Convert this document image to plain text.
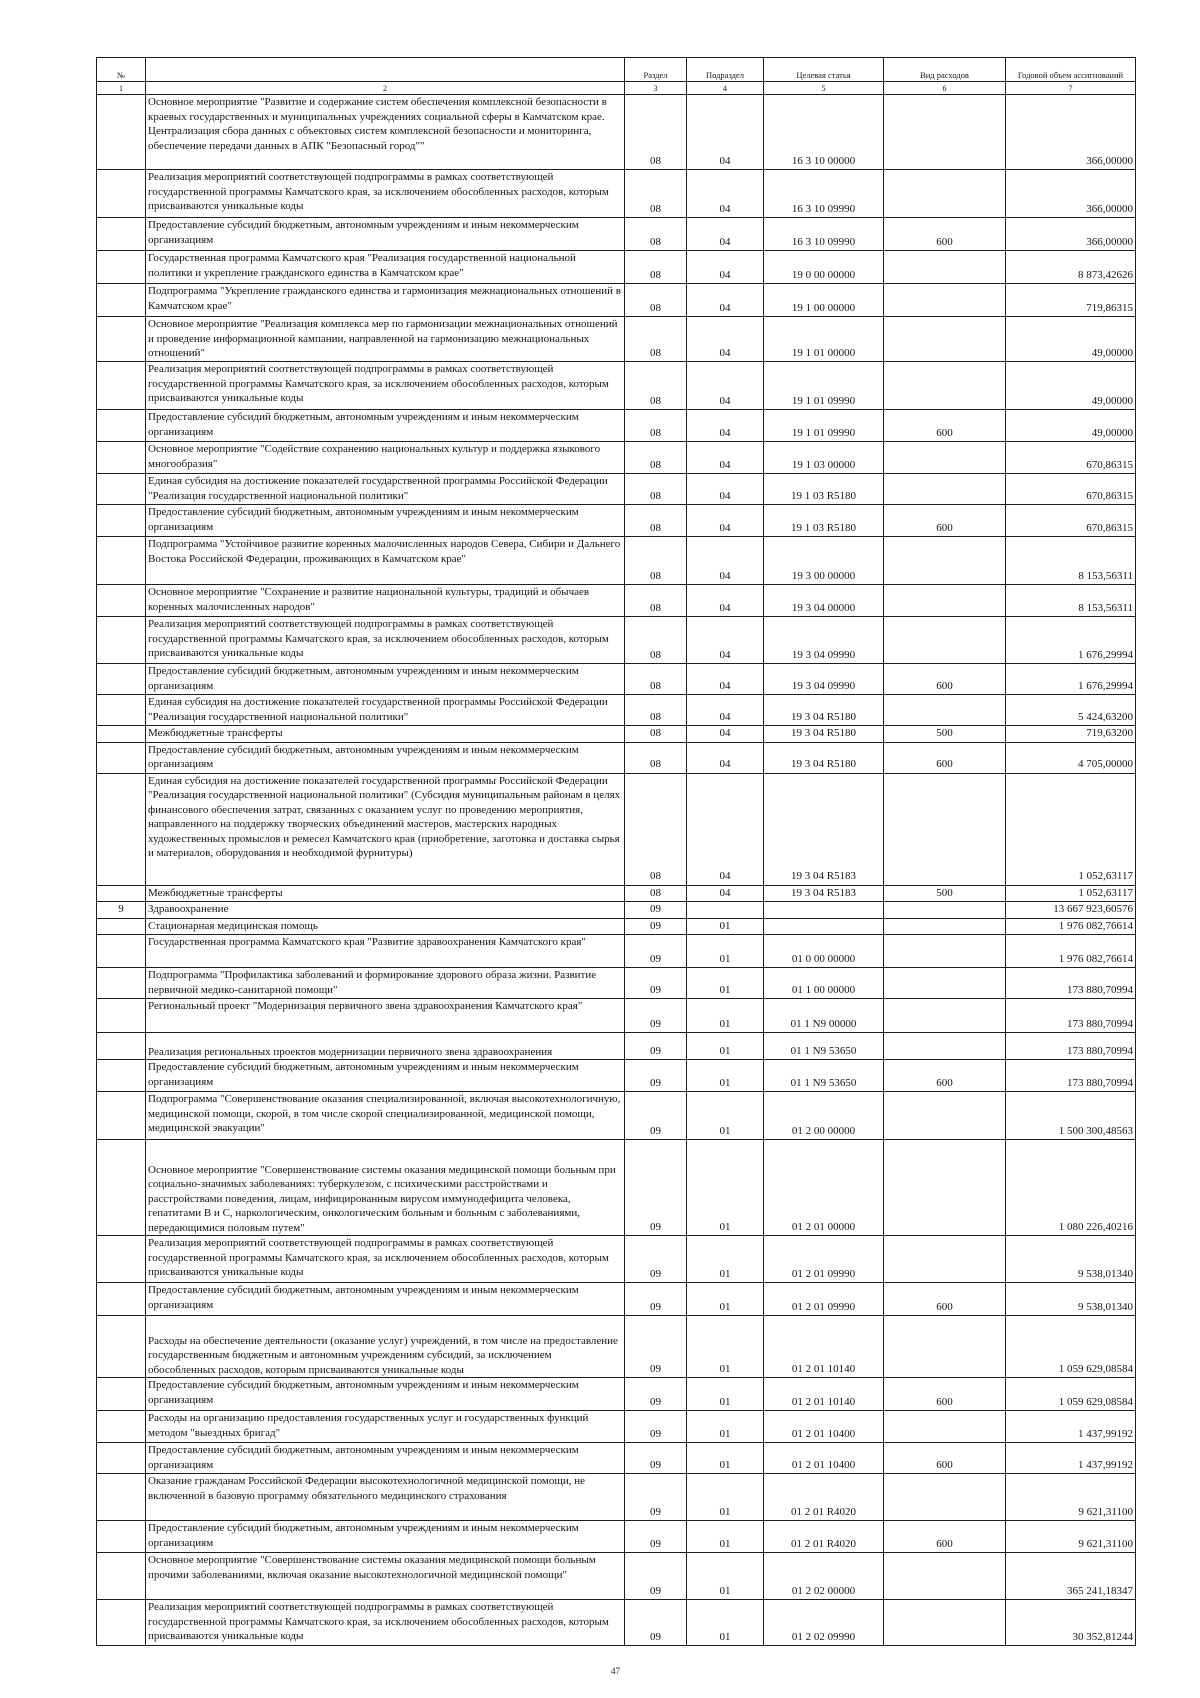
№		Раздел	Подраздел	Целевая статья	Вид расходов	Годовой объем ассигнований
1	2	3	4	5	6	7
	Основное мероприятие "Развитие и содержание систем обеспечения комплексной безопасности в краевых государственных и муниципальных учреждениях социальной сферы в Камчатском крае. Централизация сбора данных с объектовых систем комплексной безопасности и мониторинга, обеспечение передачи данных в АПК "Безопасный город""	08	04	16 3 10 00000		366,00000
	Реализация мероприятий соответствующей подпрограммы в рамках соответствующей государственной программы Камчатского края, за исключением обособленных расходов, которым присваиваются уникальные коды	08	04	16 3 10 09990		366,00000
	Предоставление субсидий бюджетным, автономным учреждениям и иным некоммерческим организациям	08	04	16 3 10 09990	600	366,00000
	Государственная программа Камчатского края "Реализация государственной национальной политики и укрепление гражданского единства в Камчатском крае"	08	04	19 0 00 00000		8 873,42626
	Подпрограмма "Укрепление гражданского единства и гармонизация межнациональных отношений в Камчатском крае"	08	04	19 1 00 00000		719,86315
	Основное мероприятие "Реализация комплекса мер по гармонизации межнациональных отношений и проведение информационной кампании, направленной на гармонизацию межнациональных отношений"	08	04	19 1 01 00000		49,00000
	Реализация мероприятий соответствующей подпрограммы в рамках соответствующей государственной программы Камчатского края, за исключением обособленных расходов, которым присваиваются уникальные коды	08	04	19 1 01 09990		49,00000
	Предоставление субсидий бюджетным, автономным учреждениям и иным некоммерческим организациям	08	04	19 1 01 09990	600	49,00000
	Основное мероприятие "Содействие сохранению национальных культур и поддержка языкового многообразия"	08	04	19 1 03 00000		670,86315
	Единая субсидия на достижение показателей государственной программы Российской Федерации "Реализация государственной национальной политики"	08	04	19 1 03 R5180		670,86315
	Предоставление субсидий бюджетным, автономным учреждениям и иным некоммерческим организациям	08	04	19 1 03 R5180	600	670,86315
	Подпрограмма "Устойчивое развитие коренных малочисленных народов Севера, Сибири и Дальнего Востока Российской Федерации, проживающих в Камчатском крае"	08	04	19 3 00 00000		8 153,56311
	Основное мероприятие "Сохранение и развитие национальной культуры, традиций и обычаев коренных малочисленных народов"	08	04	19 3 04 00000		8 153,56311
	Реализация мероприятий соответствующей подпрограммы в рамках соответствующей государственной программы Камчатского края, за исключением обособленных расходов, которым присваиваются уникальные коды	08	04	19 3 04 09990		1 676,29994
	Предоставление субсидий бюджетным, автономным учреждениям и иным некоммерческим организациям	08	04	19 3 04 09990	600	1 676,29994
	Единая субсидия на достижение показателей государственной программы Российской Федерации "Реализация государственной национальной политики"	08	04	19 3 04 R5180		5 424,63200
	Межбюджетные трансферты	08	04	19 3 04 R5180	500	719,63200
	Предоставление субсидий бюджетным, автономным учреждениям и иным некоммерческим организациям	08	04	19 3 04 R5180	600	4 705,00000
	Единая субсидия на достижение показателей государственной программы Российской Федерации "Реализация государственной национальной политики" (Субсидия муниципальным районам в целях финансового обеспечения затрат, связанных с оказанием услуг по проведению мероприятия, направленного на поддержку творческих объединений мастеров, мастерских народных художественных промыслов и ремесел Камчатского края (приобретение, заготовка и доставка сырья и материалов, оборудования и необходимой фурнитуры)	08	04	19 3 04 R5183		1 052,63117
	Межбюджетные трансферты	08	04	19 3 04 R5183	500	1 052,63117
9	Здравоохранение	09				13 667 923,60576
	Стационарная медицинская помощь	09	01			1 976 082,76614
	Государственная программа Камчатского края "Развитие здравоохранения Камчатского края"	09	01	01 0 00 00000		1 976 082,76614
	Подпрограмма "Профилактика заболеваний и формирование здорового образа жизни. Развитие первичной медико-санитарной помощи"	09	01	01 1 00 00000		173 880,70994
	Региональный проект "Модернизация первичного звена здравоохранения Камчатского края"	09	01	01 1 N9 00000		173 880,70994
	Реализация региональных проектов модернизации первичного звена здравоохранения	09	01	01 1 N9 53650		173 880,70994
	Предоставление субсидий бюджетным, автономным учреждениям и иным некоммерческим организациям	09	01	01 1 N9 53650	600	173 880,70994
	Подпрограмма "Совершенствование оказания специализированной, включая высокотехнологичную, медицинской помощи, скорой, в том числе скорой специализированной, медицинской помощи, медицинской эвакуации"	09	01	01 2 00 00000		1 500 300,48563
	Основное мероприятие "Совершенствование системы оказания медицинской помощи больным при социально-значимых заболеваниях: туберкулезом, с психическими расстройствами и расстройствами поведения, лицам, инфицированным вирусом иммунодефицита человека, гепатитами В и С, наркологическим, онкологическим больным и больным с заболеваниями, передающимися половым путем"	09	01	01 2 01 00000		1 080 226,40216
	Реализация мероприятий соответствующей подпрограммы в рамках соответствующей государственной программы Камчатского края, за исключением обособленных расходов, которым присваиваются уникальные коды	09	01	01 2 01 09990		9 538,01340
	Предоставление субсидий бюджетным, автономным учреждениям и иным некоммерческим организациям	09	01	01 2 01 09990	600	9 538,01340
	Расходы на обеспечение деятельности (оказание услуг) учреждений, в том числе на предоставление государственным бюджетным и автономным учреждениям субсидий, за исключением обособленных расходов, которым присваиваются уникальные коды	09	01	01 2 01 10140		1 059 629,08584
	Предоставление субсидий бюджетным, автономным учреждениям и иным некоммерческим организациям	09	01	01 2 01 10140	600	1 059 629,08584
	Расходы на организацию предоставления государственных услуг и государственных функций методом "выездных бригад"	09	01	01 2 01 10400		1 437,99192
	Предоставление субсидий бюджетным, автономным учреждениям и иным некоммерческим организациям	09	01	01 2 01 10400	600	1 437,99192
	Оказание гражданам Российской Федерации высокотехнологичной медицинской помощи, не включенной в базовую программу обязательного медицинского страхования	09	01	01 2 01 R4020		9 621,31100
	Предоставление субсидий бюджетным, автономным учреждениям и иным некоммерческим организациям	09	01	01 2 01 R4020	600	9 621,31100
	Основное мероприятие "Совершенствование системы оказания медицинской помощи больным прочими заболеваниями, включая оказание высокотехнологичной медицинской помощи"	09	01	01 2 02 00000		365 241,18347
	Реализация мероприятий соответствующей подпрограммы в рамках соответствующей государственной программы Камчатского края, за исключением обособленных расходов, которым присваиваются уникальные коды	09	01	01 2 02 09990		30 352,81244
47
